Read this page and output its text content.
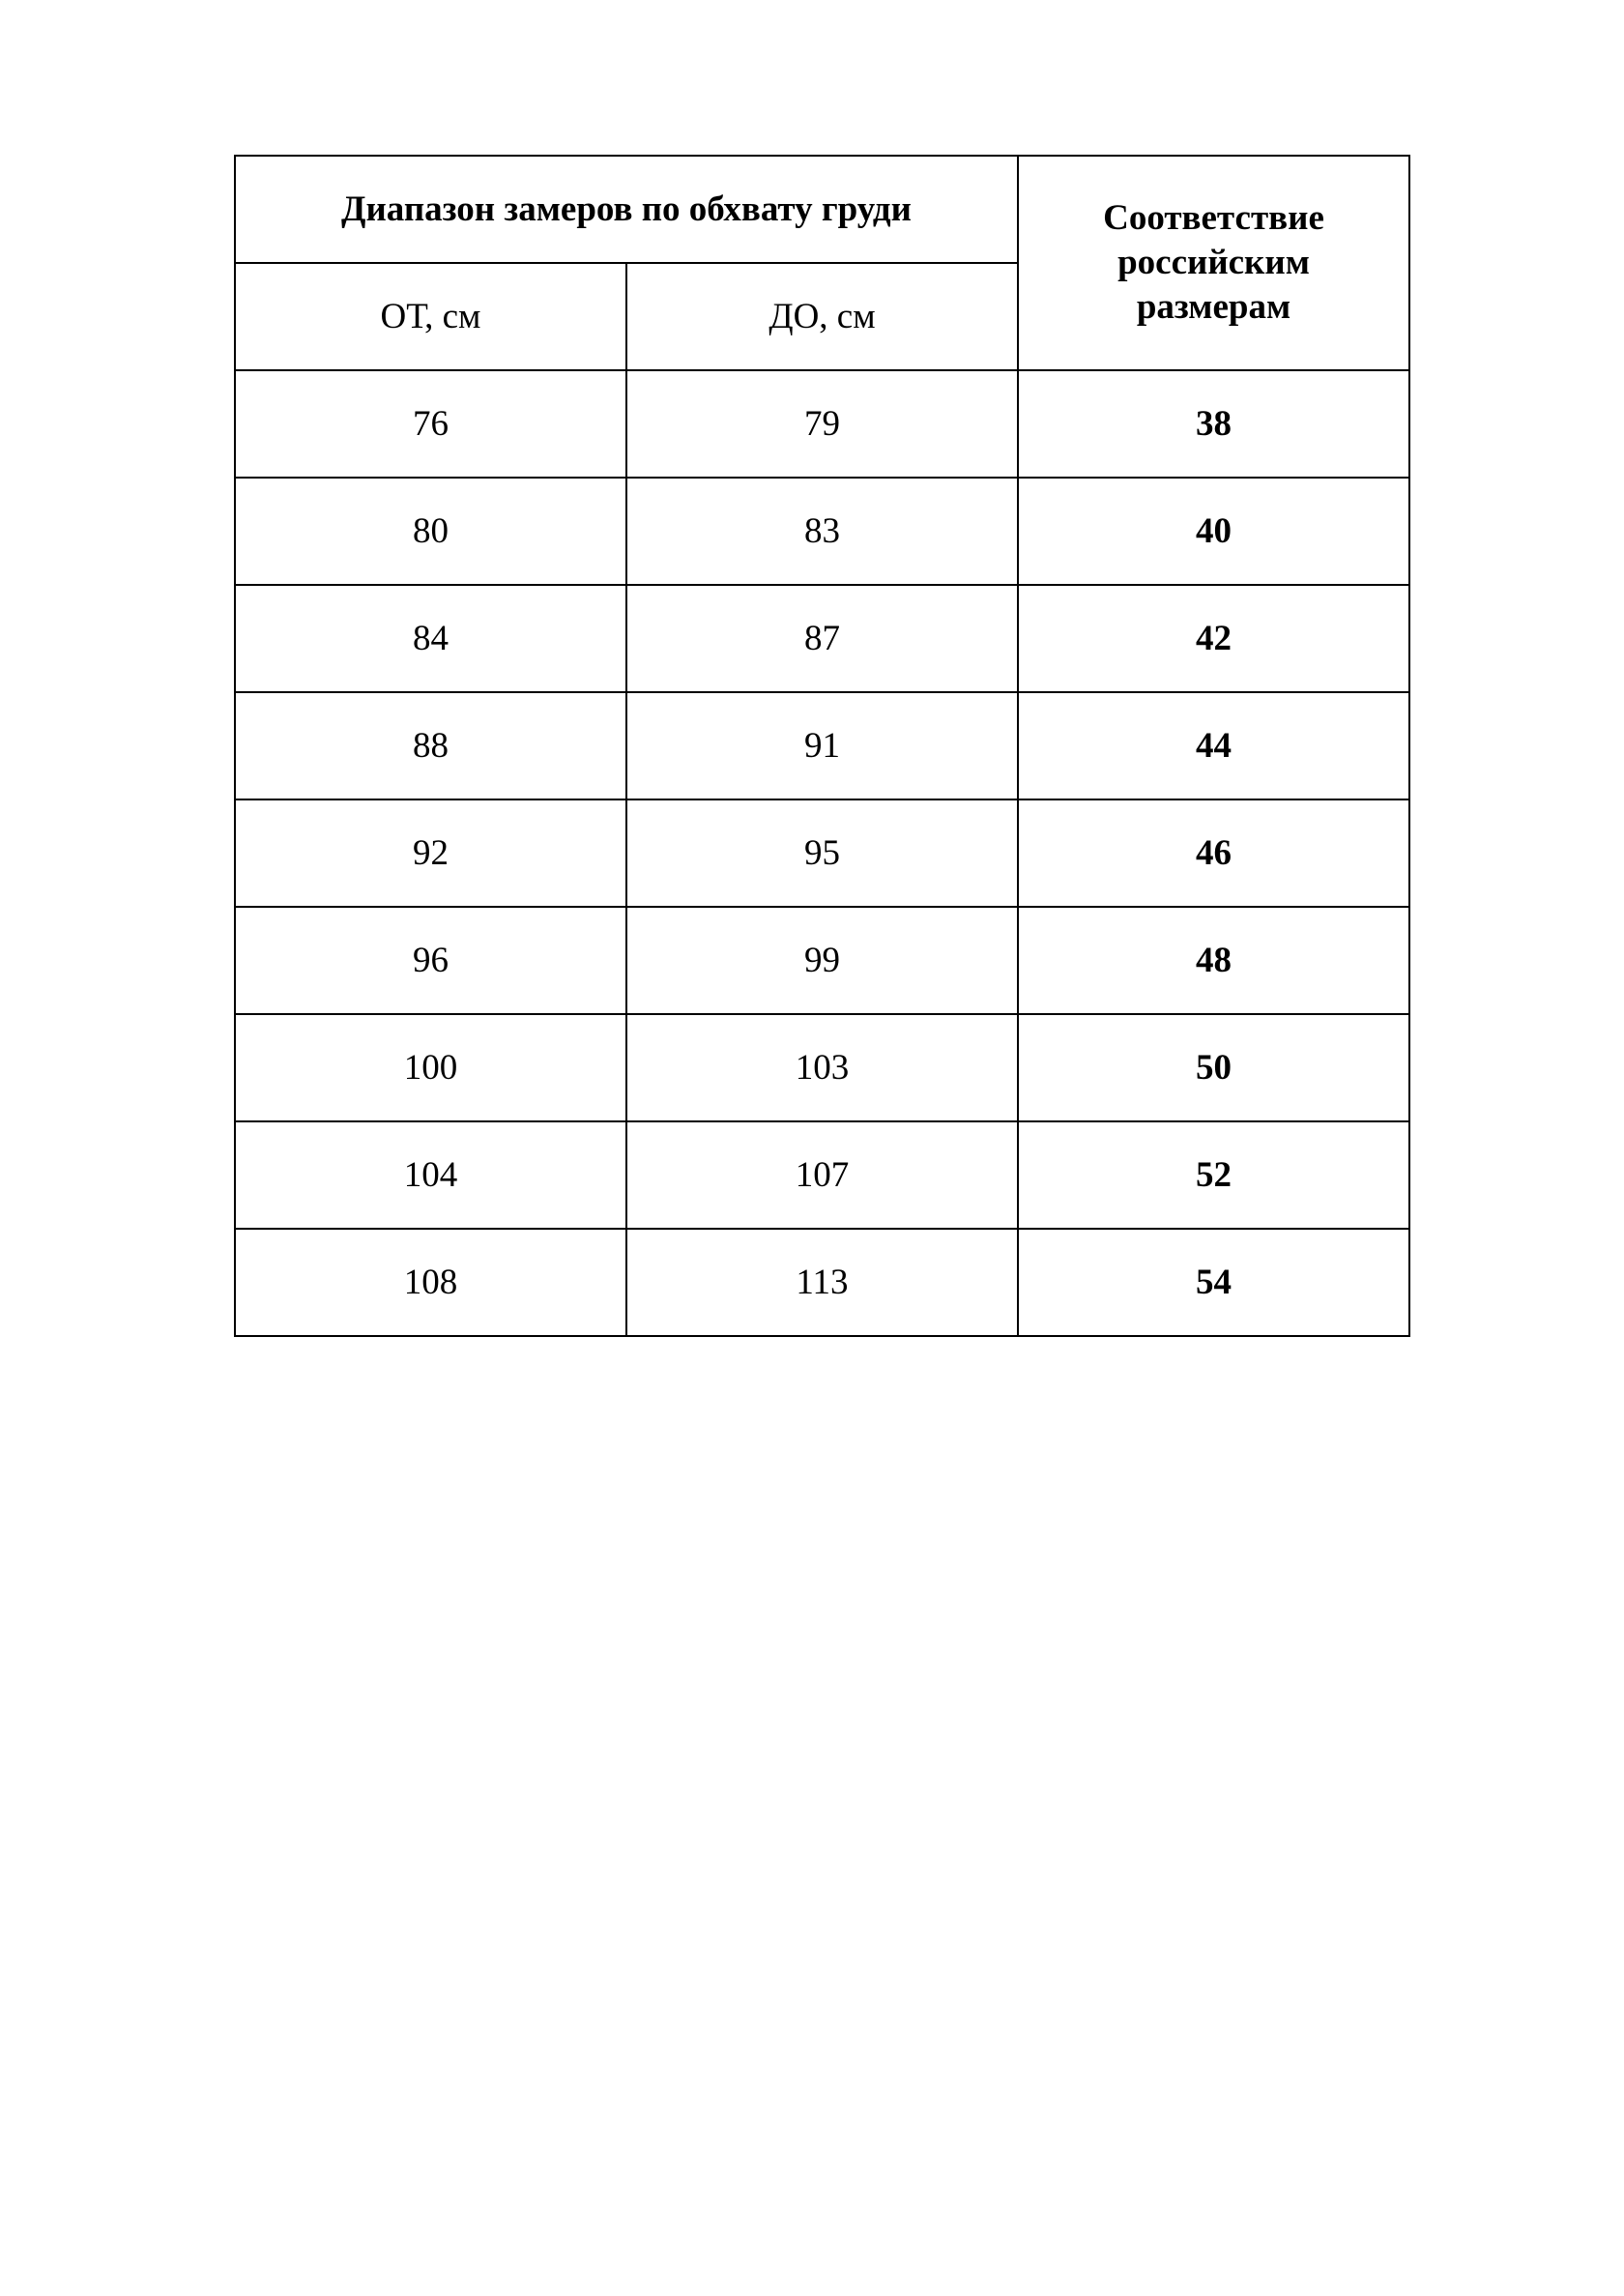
Диапазон замеров по обхвату груди		Соответствие российским размерам
ОТ, см	ДО, см	
76	79	38
80	83	40
84	87	42
88	91	44
92	95	46
96	99	48
100	103	50
104	107	52
108	113	54
